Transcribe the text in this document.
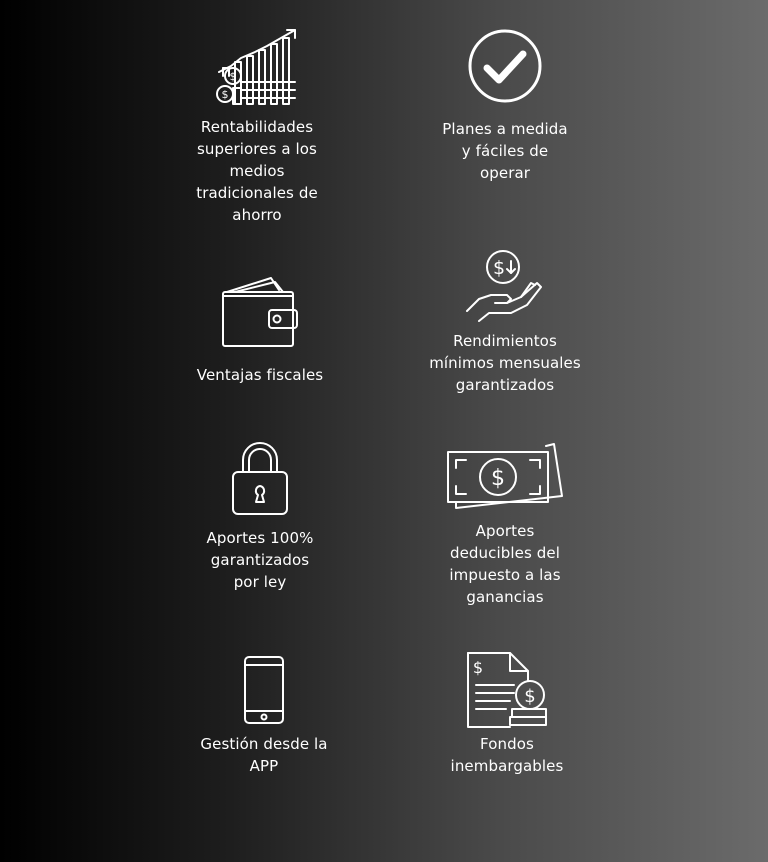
$
$
Rentabilidades
superiores a los
medios
tradicionales de
ahorro
Planes a medida
y fáciles de
operar
Ventajas fiscales
$
Rendimientos
mínimos mensuales
garantizados
Aportes 100%
garantizados
por ley
$
Aportes
deducibles del
impuesto a las
ganancias
Gestión desde la
APP
$
$
Fondos
inembargables
